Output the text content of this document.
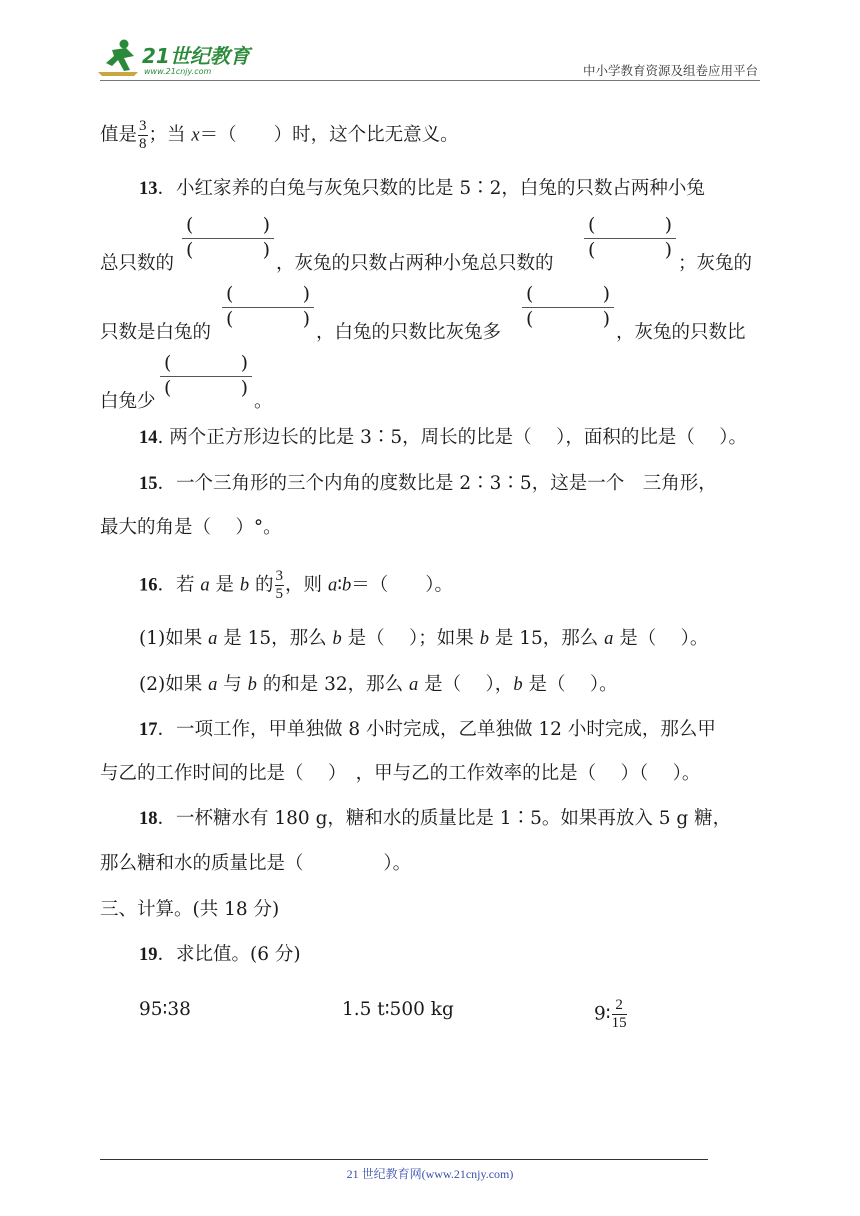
21世纪教育
www.21cnjy.com	中小学教育资源及组卷应用平台
值是 $\frac{3}{8}$ ；当 x＝（　　）时，这个比无意义。
13．小红家养的白兔与灰兔只数的比是 5∶2，白兔的只数占两种小兔
总只数的
(	)
(	)
，灰兔的只数占两种小兔总只数的
(	)
(	)
；灰兔的
只数是白兔的
(	)
(	)
，白兔的只数比灰兔多
(	)
(	)
，灰兔的只数比
白兔少
(	)
(	)
。
14. 两个正方形边长的比是 3∶5，周长的比是（　 ），面积的比是（　 ）。
15．一个三角形的三个内角的度数比是 2∶3∶5，这是一个　三角形，
最大的角是（　 ）°。
16．若 a 是 b 的 $\frac{3}{5}$ ，则 a∶b＝（　　）。
(1)如果 a 是 15，那么 b 是（　 ）；如果 b 是 15，那么 a 是（　 ）。
(2)如果 a 与 b 的和是 32，那么 a 是（　 ），b 是（　 ）。
17．一项工作，甲单独做 8 小时完成，乙单独做 12 小时完成，那么甲
与乙的工作时间的比是（　 ）　，甲与乙的工作效率的比是（　 ）（　 ）。
18．一杯糖水有 180 g，糖和水的质量比是 1∶5。如果再放入 5 g 糖，
那么糖和水的质量比是（　　　　 ）。
三、计算。(共 18 分)
19．求比值。(6 分)
95∶38	1.5 t∶500 kg	9∶ $\frac{2}{15}$
21 世纪教育网(www.21cnjy.com)
